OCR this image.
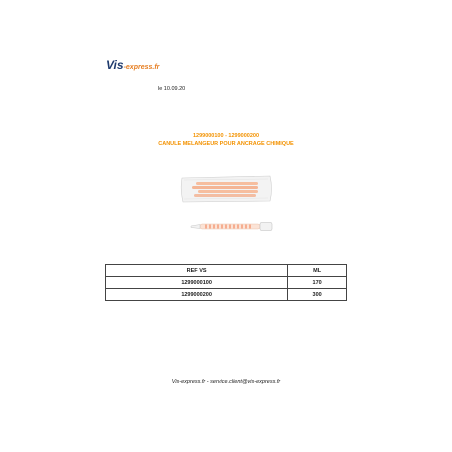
Vis-express.fr
le 10.09.20
1299000100 - 1299000200
CANULE MELANGEUR POUR ANCRAGE CHIMIQUE
REF VS	ML
1299000100	170
1299000200	300
Vis-express.fr - service.client@vis-express.fr
